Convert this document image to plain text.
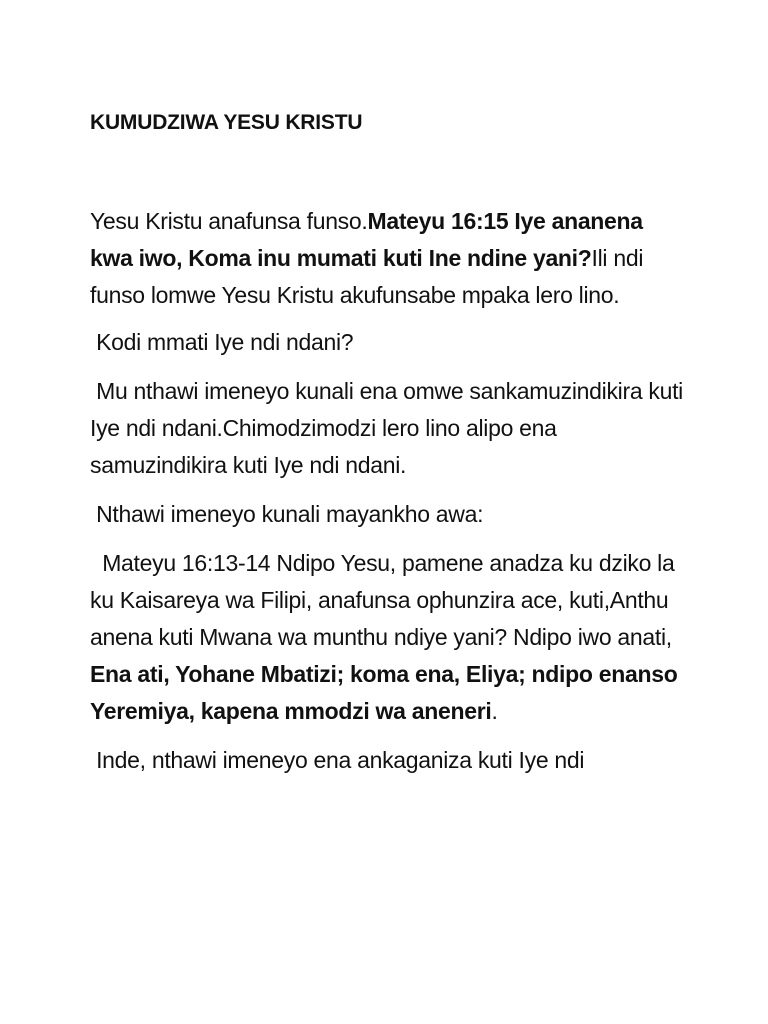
KUMUDZIWA YESU KRISTU

Yesu Kristu anafunsa funso.Mateyu 16:15 Iye ananena kwa iwo, Koma inu mumati kuti Ine ndine yani?Ili ndi funso lomwe Yesu Kristu akufunsabe mpaka lero lino.

Kodi mmati Iye ndi ndani?

Mu nthawi imeneyo kunali ena omwe sankamuzindikira kuti Iye ndi ndani.Chimodzimodzi lero lino alipo ena samuzindikira kuti Iye ndi ndani.

Nthawi imeneyo kunali mayankho awa:

Mateyu 16:13-14 Ndipo Yesu, pamene anadza ku dziko la ku Kaisareya wa Filipi, anafunsa ophunzira ace, kuti,Anthu anena kuti Mwana wa munthu ndiye yani? Ndipo iwo anati, Ena ati, Yohane Mbatizi; koma ena, Eliya; ndipo enanso Yeremiya, kapena mmodzi wa aneneri.

Inde, nthawi imeneyo ena ankaganiza kuti Iye ndi
